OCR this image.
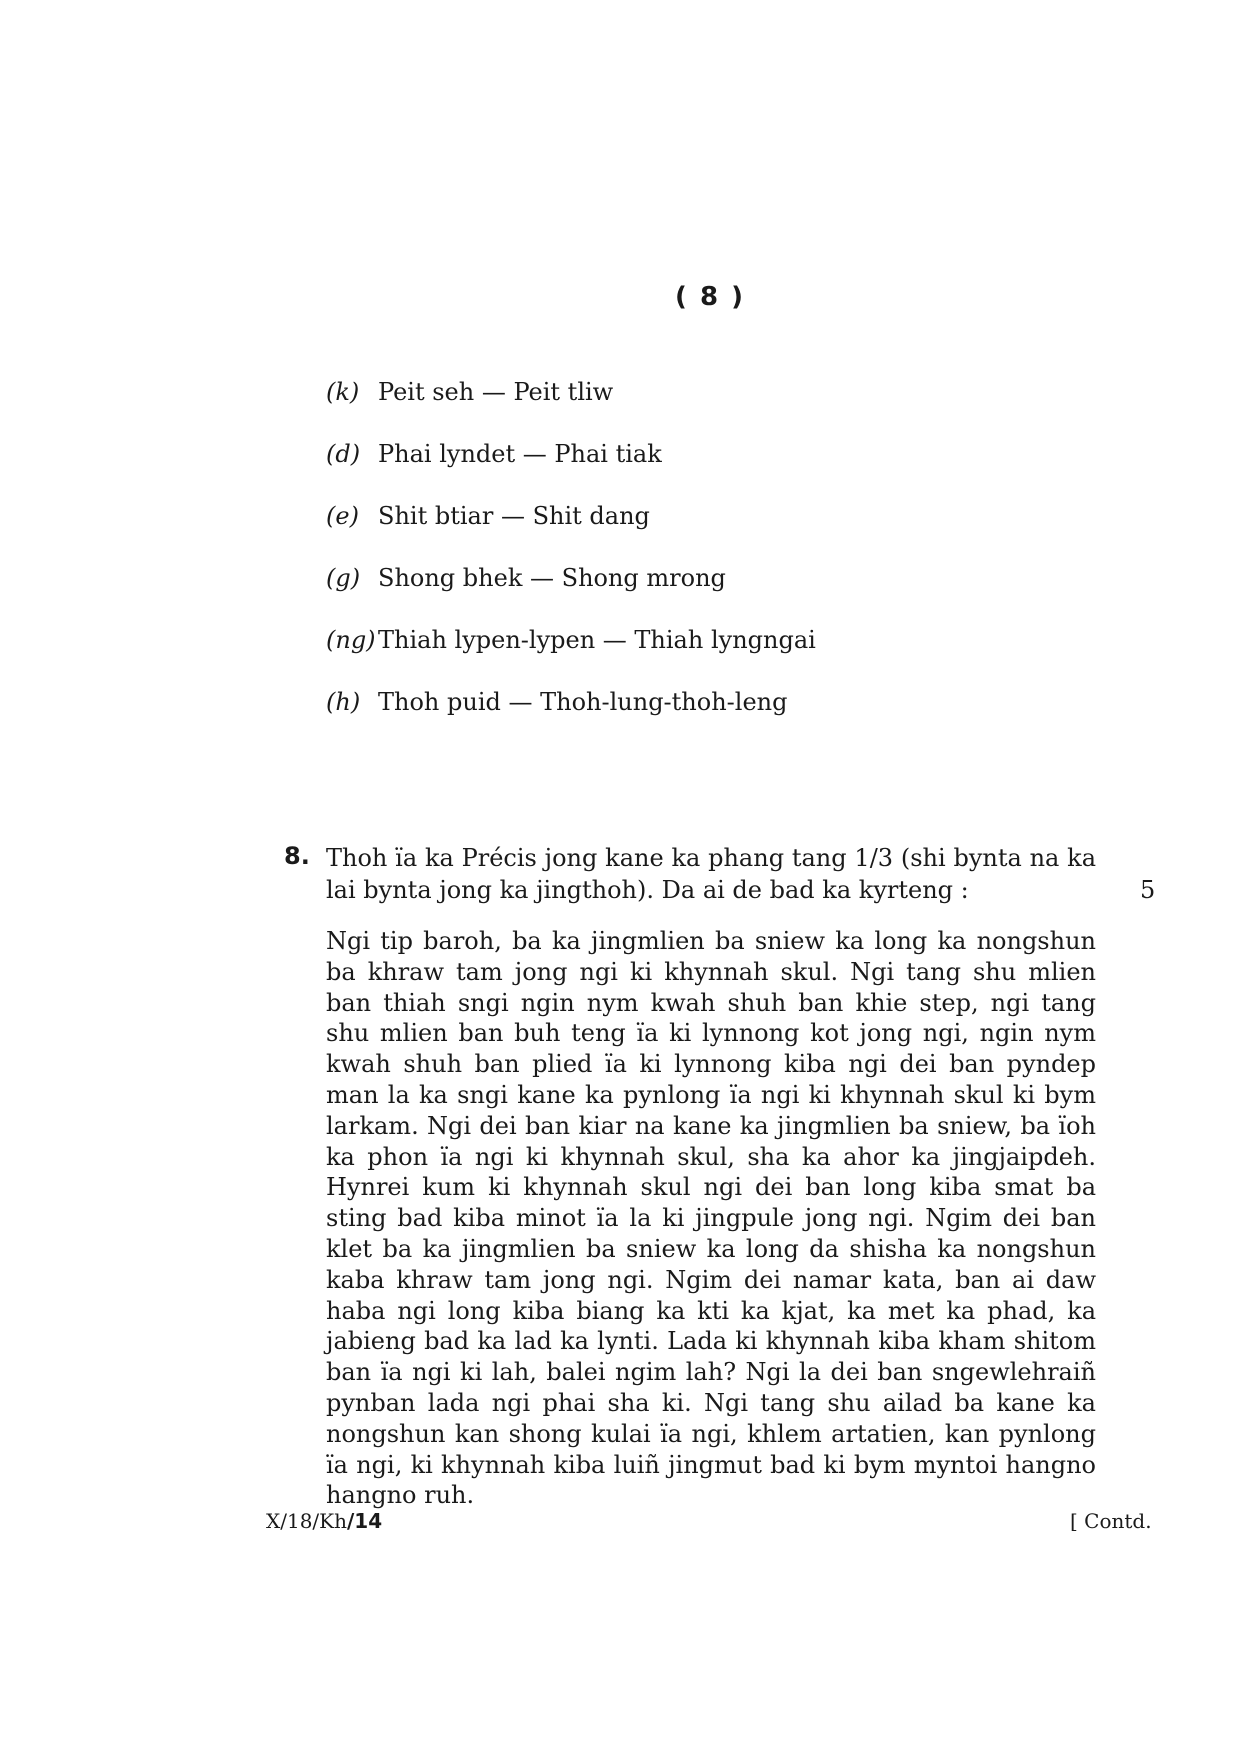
( 8 )
(k) Peit seh — Peit tliw
(d) Phai lyndet — Phai tiak
(e) Shit btiar — Shit dang
(g) Shong bhek — Shong mrong
(ng) Thiah lypen-lypen — Thiah lyngngai
(h) Thoh puid — Thoh-lung-thoh-leng
8. Thoh ïa ka Précis jong kane ka phang tang 1/3 (shi bynta na ka lai bynta jong ka jingthoh). Da ai de bad ka kyrteng :	5
Ngi tip baroh, ba ka jingmlien ba sniew ka long ka nongshun ba khraw tam jong ngi ki khynnah skul. Ngi tang shu mlien ban thiah sngi ngin nym kwah shuh ban khie step, ngi tang shu mlien ban buh teng ïa ki lynnong kot jong ngi, ngin nym kwah shuh ban plied ïa ki lynnong kiba ngi dei ban pyndep man la ka sngi kane ka pynlong ïa ngi ki khynnah skul ki bym larkam. Ngi dei ban kiar na kane ka jingmlien ba sniew, ba ïoh ka phon ïa ngi ki khynnah skul, sha ka ahor ka jingjaipdeh. Hynrei kum ki khynnah skul ngi dei ban long kiba smat ba sting bad kiba minot ïa la ki jingpule jong ngi. Ngim dei ban klet ba ka jingmlien ba sniew ka long da shisha ka nongshun kaba khraw tam jong ngi. Ngim dei namar kata, ban ai daw haba ngi long kiba biang ka kti ka kjat, ka met ka phad, ka jabieng bad ka lad ka lynti. Lada ki khynnah kiba kham shitom ban ïa ngi ki lah, balei ngim lah? Ngi la dei ban sngewlehraiñ pynban lada ngi phai sha ki. Ngi tang shu ailad ba kane ka nongshun kan shong kulai ïa ngi, khlem artatien, kan pynlong ïa ngi, ki khynnah kiba luiñ jingmut bad ki bym myntoi hangno hangno ruh.
X/18/Kh/14	[ Contd.
